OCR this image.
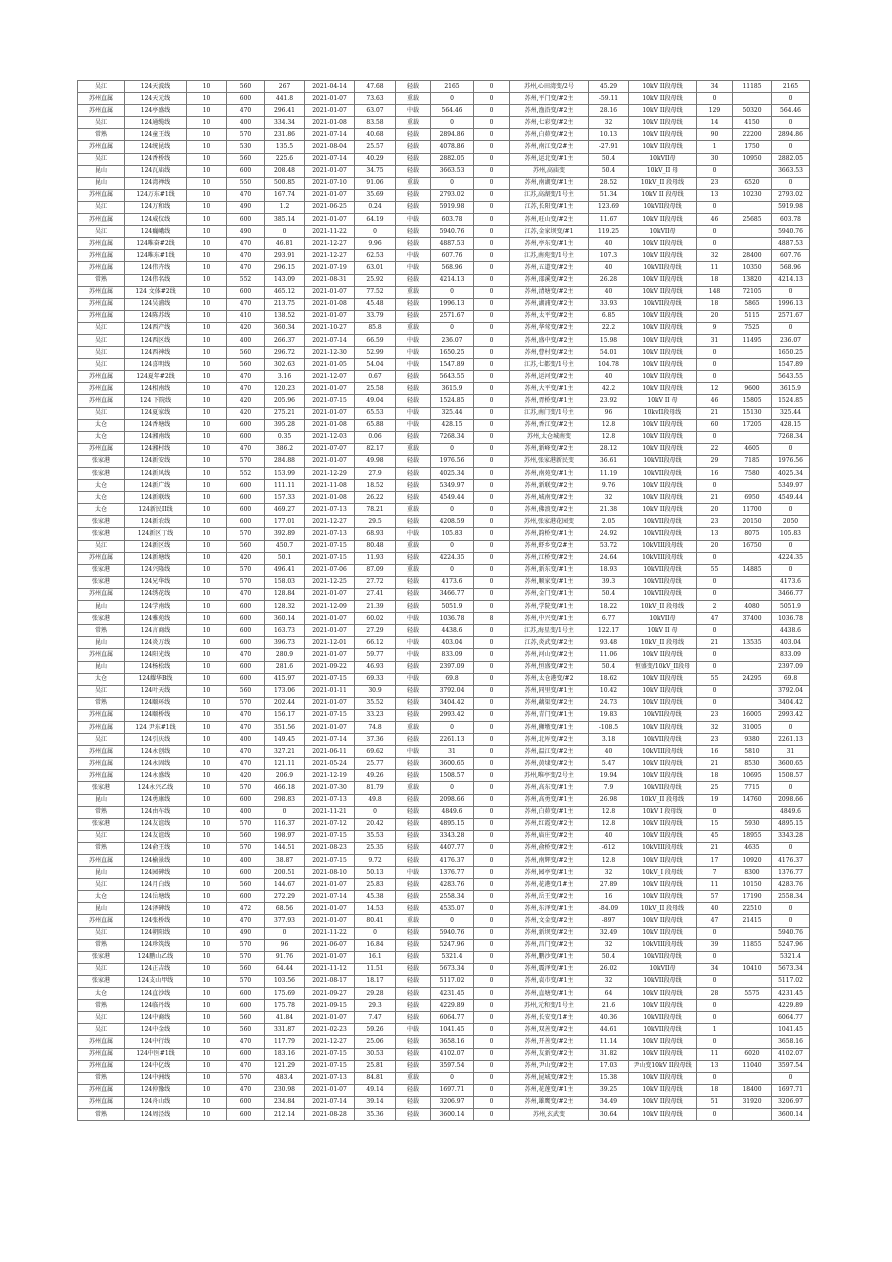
吴江	124天波线	10	560	267	2021-04-14	47.68	轻载	2165	0	苏州,心田湾变/2号	45.29	10kV II段母线	34	11185	2165
苏州直属	124天元线	10	600	441.8	2021-01-07	73.63	重载	0	0	苏州,平门变/#2主	-59.11	10kV II段母线	0		0
苏州直属	124亭盛线	10	470	296.41	2021-01-07	63.07	中载	564.46	0	苏州,渔沿变/#2主	28.16	10kV II段母线	129	50320	564.46
吴江	124通缆线	10	400	334.34	2021-01-08	83.58	重载	0	0	苏州,七彩变/#2主	32	10kV II段母线	14	4150	0
常熟	124童王线	10	570	231.86	2021-07-14	40.68	轻载	2894.86	0	苏州,白茆变/#2主	10.13	10kV II段母线	90	22200	2894.86
苏州直属	124统昆线	10	530	135.5	2021-08-04	25.57	轻载	4078.86	0	苏州,南江变/2#主	-27.91	10kV II段母线	1	1750	0
吴江	124香桥线	10	560	225.6	2021-07-14	40.29	轻载	2882.05	0	苏州,运北变/#1主	50.4	10kVII母	30	10950	2882.05
昆山	124瓦庙线	10	600	208.48	2021-01-07	34.75	轻载	3663.53	0	苏州,高庙变	50.4	10kV_II 母	0		3663.53
昆山	124湾禅线	10	550	500.85	2021-07-10	91.06	重载	0	0	苏州,南湖变/#1主	28.52	10kV_II 段母线	23	6520	0
苏州直属	124万东#1线	10	470	167.74	2021-01-07	35.69	轻载	2793.02	0	江苏,高湖变/1号主	51.34	10kV II 段母线	13	10230	2793.02
吴江	124万和线	10	490	1.2	2021-06-25	0.24	轻载	5919.98	0	江苏,长阳变/#1主	123.69	10kVII段母线	0		5919.98
苏州直属	124威仪线	10	600	385.14	2021-01-07	64.19	中载	603.78	0	苏州,旺山变/#2主	11.67	10kV II段母线	46	25685	603.78
吴江	124巍峨线	10	490	0	2021-11-22	0	轻载	5940.76	0	江苏,金家坝变/#1	119.25	10kVII母	0		5940.76
苏州直属	124唯奋#2线	10	470	46.81	2021-12-27	9.96	轻载	4887.53	0	苏州,亭东变/#1主	40	10kV II段母线	0		4887.53
苏州直属	124唯东#1线	10	470	293.91	2021-12-27	62.53	中载	607.76	0	江苏,南苑变/1号主	107.3	10kV II段母线	32	28400	607.76
苏州直属	124伟卉线	10	470	296.15	2021-07-19	63.01	中载	568.96	0	苏州,五道变/#2主	40	10kVII段母线	11	10350	568.96
常熟	124伟名线	10	552	143.09	2021-08-31	25.92	轻载	4214.13	0	苏州,邵溪变/#2主	26.28	10kV II段母线	18	13820	4214.13
苏州直属	124 文体#2线	10	600	465.12	2021-01-07	77.52	重载	0	0	苏州,清塘变/#2主	40	10kV II段母线	148	72105	0
苏州直属	124吴浦线	10	470	213.75	2021-01-08	45.48	轻载	1996.13	0	苏州,湖浦变/#2主	33.93	10kVII段母线	18	5865	1996.13
苏州直属	124陈苏线	10	410	138.52	2021-01-07	33.79	轻载	2571.67	0	苏州,太平变/#2主	6.85	10kV II段母线	20	5115	2571.67
吴江	124西产线	10	420	360.34	2021-10-27	85.8	重载	0	0	苏州,华莺变/#2主	22.2	10kV II段母线	9	7525	0
吴江	124西区线	10	400	266.37	2021-07-14	66.59	中载	236.07	0	苏州,盛中变/#2主	15.98	10kV II段母线	31	11495	236.07
吴江	124西神线	10	560	296.72	2021-12-30	52.99	中载	1650.25	0	苏州,曹村变/#2主	54.01	10kV II段母线	0		1650.25
吴江	124喜明线	10	560	302.63	2021-01-05	54.04	中载	1547.89	0	江苏,七都变/1号主	104.78	10kV II段母线	0		1547.89
苏州直属	124夏年#2线	10	470	3.16	2021-12-07	0.67	轻载	5643.55	0	苏州,运河变/#2主	40	10kV II段母线	0		5643.55
苏州直属	124相南线	10	470	120.23	2021-01-07	25.58	轻载	3615.9	0	苏州,大平变/#1主	42.2	10kV II段母线	12	9600	3615.9
苏州直属	124 下院线	10	420	205.96	2021-07-15	49.04	轻载	1524.85	0	苏州,胥桥变/#1主	23.92	10kV II 母	46	15805	1524.85
吴江	124夏家线	10	420	275.21	2021-01-07	65.53	中载	325.44	0	江苏,南门变/1号主	96	10kvII段母线	21	15130	325.44
太仓	124香塘线	10	600	395.28	2021-01-08	65.88	中载	428.15	0	苏州,香江变/#2主	12.8	10kV II段母线	60	17205	428.15
太仓	124湘南线	10	600	0.35	2021-12-03	0.06	轻载	7268.34	0	苏州,太仓城南变	12.8	10kV II段母线	0		7268.34
苏州直属	124湘村线	10	470	386.2	2021-07-07	82.17	重载	0	0	苏州,新峰变/#2主	28.12	10kV II段母线	22	4605	0
张家港	124新安线	10	570	284.88	2021-01-07	49.98	轻载	1976.56	0	苏州,张家港新民变	36.61	10kVII段母线	29	7185	1976.56
张家港	124新风线	10	552	153.99	2021-12-29	27.9	轻载	4025.34	0	苏州,南苑变/#1主	11.19	10kVII段母线	16	7580	4025.34
太仓	124新广线	10	600	111.11	2021-11-08	18.52	轻载	5349.97	0	苏州,新联变/#2主	9.76	10kV II段母线	0		5349.97
太仓	124新联线	10	600	157.33	2021-01-08	26.22	轻载	4549.44	0	苏州,城南变/#2主	32	10kV II段母线	21	6950	4549.44
太仓	124新民II线	10	600	469.27	2021-07-13	78.21	重载	0	0	苏州,佛浪变/#2主	21.38	10kV II段母线	20	11700	0
张家港	124新农线	10	600	177.01	2021-12-27	29.5	轻载	4208.59	0	苏州,张家港花园变	2.05	10kVII段母线	23	20150	2050
张家港	124新区丁线	10	570	392.89	2021-07-13	68.93	中载	105.83	0	苏州,韵桥变/#1主	24.92	10kVII段母线	13	8075	105.83
吴江	124新区线	10	560	450.7	2021-07-15	80.48	重载	0	0	苏州,虾乡变/2#主	53.72	10kVIII段母线	20	16750	0
苏州直属	124新塘线	10	420	50.1	2021-07-15	11.93	轻载	4224.35	0	苏州,江桥变/#2主	24.64	10kVIII段母线	0		4224.35
张家港	124兴隆线	10	570	496.41	2021-07-06	87.09	重载	0	0	苏州,新东变/#1主	18.93	10kVII段母线	55	14885	0
张家港	124兄华线	10	570	158.03	2021-12-25	27.72	轻载	4173.6	0	苏州,顺家变/#1主	39.3	10kVII段母线	0		4173.6
苏州直属	124绣花线	10	470	128.84	2021-01-07	27.41	轻载	3466.77	0	苏州,金门变/#1主	50.4	10kVII段母线	0		3466.77
昆山	124学南线	10	600	128.32	2021-12-09	21.39	轻载	5051.9	0	苏州,学院变/#1主	18.22	10kV_II 段母线	2	4080	5051.9
张家港	124雅苑线	10	600	360.14	2021-01-07	60.02	中载	1036.78	8	苏州,中兴变/#1主	6.77	10kVII母	47	37400	1036.78
常熟	124言商线	10	600	163.73	2021-01-07	27.29	轻载	4438.6	0	江苏,海星变/1号主	122.17	10kV II 母	0		4438.6
昆山	124炎万线	10	600	396.73	2021-12-01	66.12	中载	403.04	0	江苏,炎武变/#2主	93.48	10kV_II 段母线	21	13535	403.04
苏州直属	124阳光线	10	470	280.9	2021-01-07	59.77	中载	833.09	0	苏州,河山变/#2主	11.06	10kV II段母线	0		833.09
昆山	124杨松线	10	600	281.6	2021-09-22	46.93	轻载	2397.09	0	苏州,恒盛变/#2主	50.4	恒盛变/10kV_II段母	0		2397.09
太仓	124耀华B线	10	600	415.97	2021-07-15	69.33	中载	69.8	0	苏州,太仓港变/#2	18.62	10kV II段母线	55	24295	69.8
吴江	124叶天线	10	560	173.06	2021-01-11	30.9	轻载	3792.04	0	苏州,同里变/#1主	10.42	10kV II段母线	0		3792.04
常熟	124颐环线	10	570	202.44	2021-01-07	35.52	轻载	3404.42	0	苏州,藕渠变/#2主	24.73	10kV II段母线	0		3404.42
苏州直属	124颐桥线	10	470	156.17	2021-07-15	33.23	轻载	2993.42	0	苏州,青门变/#1主	19.83	10kVII段母线	23	16005	2993.42
苏州直属	124 尹东#1线	10	470	351.56	2021-01-07	74.8	重载	0	0	苏州,狮墩变/#1主	-108.5	10kV II段母线	32	31005	0
吴江	124引庆线	10	400	149.45	2021-07-14	37.36	轻载	2261.13	0	苏州,北厍变/#2主	3.18	10kVII段母线	23	9380	2261.13
苏州直属	124永创线	10	470	327.21	2021-06-11	69.62	中载	31	0	苏州,温江变/#2主	40	10kVIII段母线	16	5810	31
苏州直属	124永固线	10	470	121.11	2021-05-24	25.77	轻载	3600.65	0	苏州,黄埭变/#2主	5.47	10kV II段母线	21	8530	3600.65
苏州直属	124永盛线	10	420	206.9	2021-12-19	49.26	轻载	1508.57	0	苏州,唯亭变/2号主	19.94	10kV II段母线	18	10695	1508.57
张家港	124永兴乙线	10	570	466.18	2021-07-30	81.79	重载	0	0	苏州,高东变/#1主	7.9	10kVII段母线	25	7715	0
昆山	124勇康线	10	600	298.83	2021-07-13	49.8	轻载	2098.66	0	苏州,高勇变/#1主	26.98	10kV_II 段母线	19	14760	2098.66
常熟	124由车线	10	400	0	2021-11-21	0	轻载	4849.6	0	苏州,白茆变/#1主	12.8	10kV I 段母线	0		4849.6
张家港	124友谊线	10	570	116.37	2021-07-12	20.42	轻载	4895.15	0	苏州,红霞变/#2主	12.8	10kV II段母线	15	5930	4895.15
吴江	124友谊线	10	560	198.97	2021-07-15	35.53	轻载	3343.28	0	苏州,庙庄变/#2主	40	10kV II段母线	45	18955	3343.28
常熟	124俞王线	10	570	144.51	2021-08-23	25.35	轻载	4407.77	0	苏州,俞桥变/#2主	-612	10kVIII段母线	21	4635	0
苏州直属	124榆景线	10	400	38.87	2021-07-15	9.72	轻载	4176.37	0	苏州,南辉变/#2主	12.8	10kV II段母线	17	10920	4176.37
昆山	124园碑线	10	600	200.51	2021-08-10	50.13	中载	1376.77	0	苏州,园亭变/#1主	32	10kV_I 段母线	7	8300	1376.77
吴江	124月白线	10	560	144.67	2021-01-07	25.83	轻载	4283.76	0	苏州,花港变/1#主	27.89	10kV II段母线	11	10150	4283.76
太仓	124岳塘线	10	600	272.29	2021-07-14	45.38	轻载	2558.34	0	苏州,岳王变/#2主	16	10kV II段母线	57	17190	2558.34
昆山	124泽碑线	10	472	68.56	2021-01-07	14.53	轻载	4535.07	0	苏州,东泽变/#1主	-84.09	10kV_II 段母线	40	22510	0
苏州直属	124张桥线	10	470	377.93	2021-01-07	80.41	重载	0	0	苏州,文金变/#2主	-897	10kV II段母线	47	21415	0
吴江	124朝阳线	10	490	0	2021-11-22	0	轻载	5940.76	0	苏州,新坝变/#2主	32.49	10kV II段母线	0		5940.76
常熟	124珍筑线	10	570	96	2021-06-07	16.84	轻载	5247.96	0	苏州,昌门变/#2主	32	10kVIII段母线	39	11855	5247.96
张家港	124鹏山乙线	10	570	91.76	2021-01-07	16.1	轻载	5321.4	0	苏州,鹏沙变/#1主	50.4	10kVII段母线	0		5321.4
吴江	124正吉线	10	560	64.44	2021-11-12	11.51	轻载	5673.34	0	苏州,震泽变/#1主	26.02	10kVII母	34	10410	5673.34
张家港	124支山甲线	10	570	103.56	2021-08-17	18.17	轻载	5117.02	0	苏州,袁市变/#1主	32	10kVII段母线	0		5117.02
太仓	124直沙线	10	600	175.69	2021-09-27	29.28	轻载	4231.45	0	苏州,直塘变/#1主	64	10kV II段母线	28	5575	4231.45
常熟	124临丹线	10	600	175.78	2021-09-15	29.3	轻载	4229.89	0	苏州,元和变/1号主	21.6	10kV II段母线	0		4229.89
吴江	124中裔线	10	560	41.84	2021-01-07	7.47	轻载	6064.77	0	苏州,长安变/1#主	40.36	10kVII段母线	0		6064.77
吴江	124中金线	10	560	331.87	2021-02-23	59.26	中载	1041.45	0	苏州,双善变/#2主	44.61	10kVII段母线	1		1041.45
苏州直属	124中行线	10	470	117.79	2021-12-27	25.06	轻载	3658.16	0	苏州,开善变/#2主	11.14	10kV II段母线	0		3658.16
苏州直属	124中医#1线	10	600	183.16	2021-07-15	30.53	轻载	4102.07	0	苏州,友新变/#2主	31.82	10kV II段母线	11	6020	4102.07
苏州直属	124中亿线	10	470	121.29	2021-07-15	25.81	轻载	3597.54	0	苏州,尹山变/#2主	17.03	尹山变10kV II段母线	13	11040	3597.54
常熟	124中洲线	10	570	483.4	2021-07-13	84.81	重载	0	0	苏州,昆城变/#2主	15.38	10kV II段母线	0		0
苏州直属	124仲豫线	10	470	230.98	2021-01-07	49.14	轻载	1697.71	0	苏州,花莲变/#1主	39.25	10kV II段母线	18	18400	1697.71
苏州直属	124舟山线	10	600	234.84	2021-07-14	39.14	轻载	3206.97	0	苏州,雄鹰变/#2主	34.49	10kV II段母线	51	31920	3206.97
常熟	124周泾线	10	600	212.14	2021-08-28	35.36	轻载	3600.14	0	苏州,玄武变	30.64	10kV II段母线	0		3600.14
